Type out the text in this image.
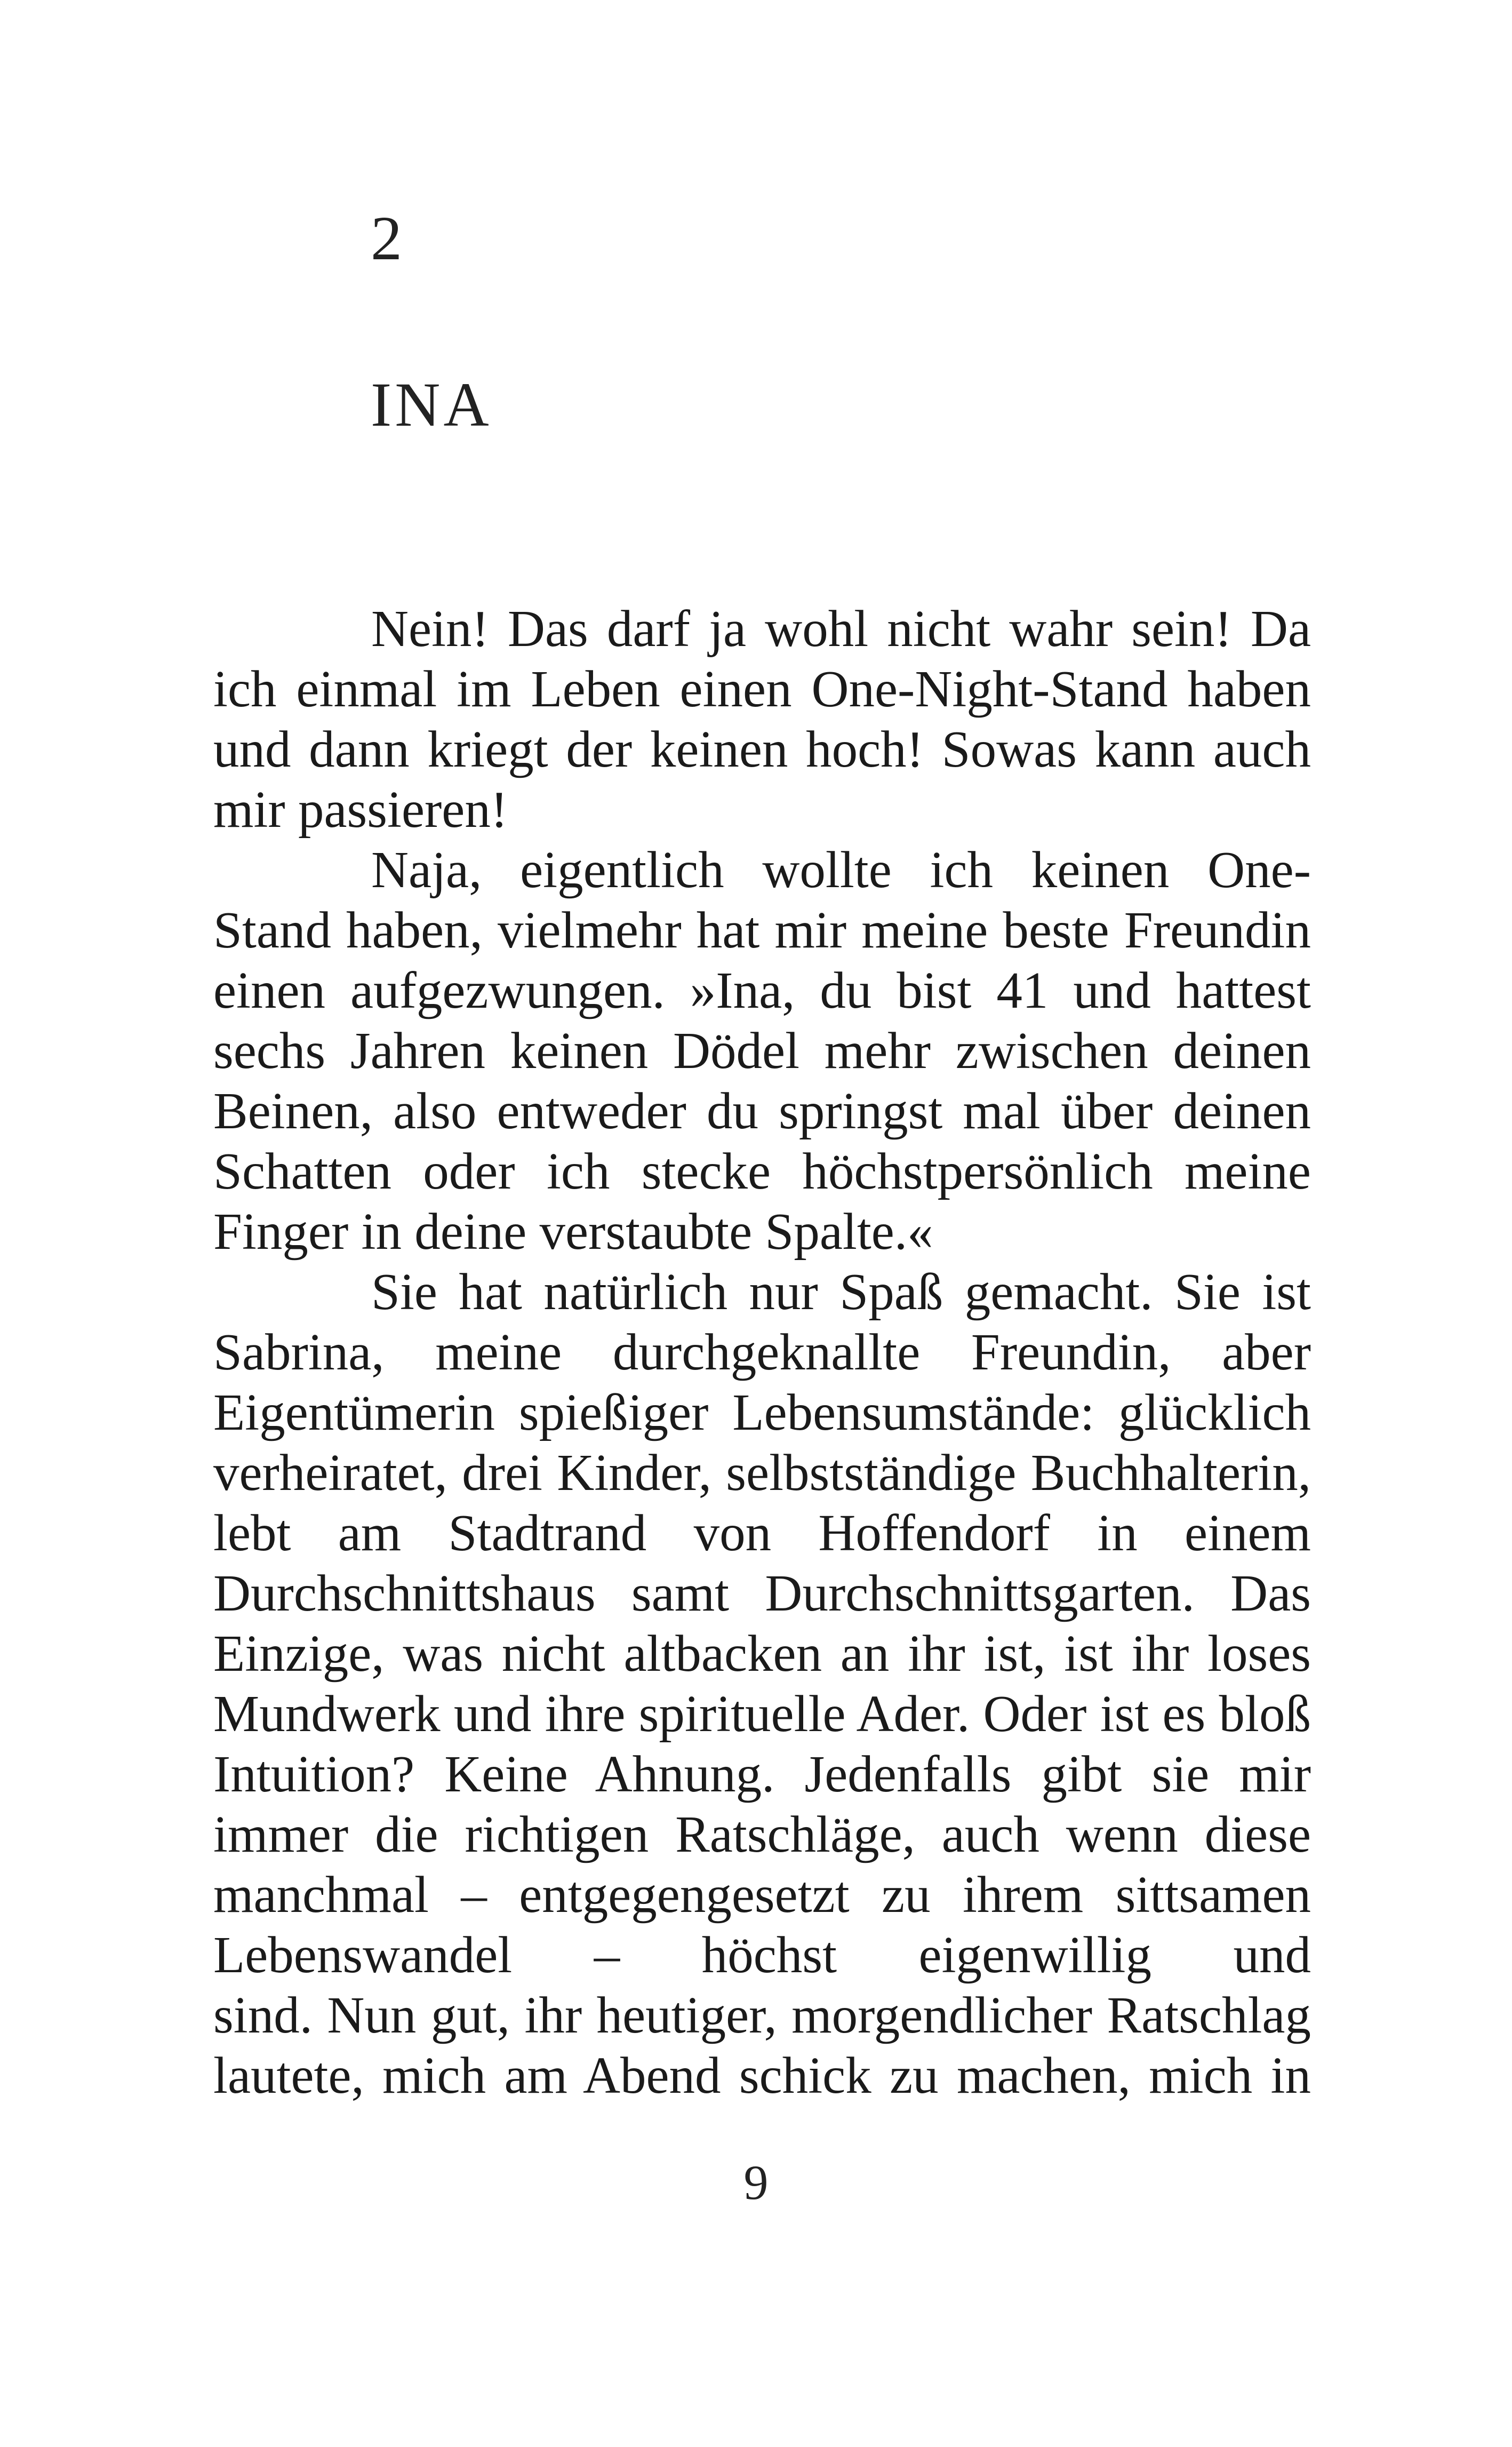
2
INA
Nein! Das darf ja wohl nicht wahr sein! Da
ich einmal im Leben einen One-Night-Stand haben
und dann kriegt der keinen hoch! Sowas kann auch
mir passieren!
Naja, eigentlich wollte ich keinen One-
Stand haben, vielmehr hat mir meine beste Freundin
einen aufgezwungen. »Ina, du bist 41 und hattest
sechs Jahren keinen Dödel mehr zwischen deinen
Beinen, also entweder du springst mal über deinen
Schatten oder ich stecke höchstpersönlich meine
Finger in deine verstaubte Spalte.«
Sie hat natürlich nur Spaß gemacht. Sie ist
Sabrina, meine durchgeknallte Freundin, aber
Eigentümerin spießiger Lebensumstände: glücklich
verheiratet, drei Kinder, selbstständige Buchhalterin,
lebt am Stadtrand von Hoffendorf in einem
Durchschnittshaus samt Durchschnittsgarten. Das
Einzige, was nicht altbacken an ihr ist, ist ihr loses
Mundwerk und ihre spirituelle Ader. Oder ist es bloß
Intuition? Keine Ahnung. Jedenfalls gibt sie mir
immer die richtigen Ratschläge, auch wenn diese
manchmal – entgegengesetzt zu ihrem sittsamen
Lebenswandel – höchst eigenwillig und
sind. Nun gut, ihr heutiger, morgendlicher Ratschlag
lautete, mich am Abend schick zu machen, mich in
9
